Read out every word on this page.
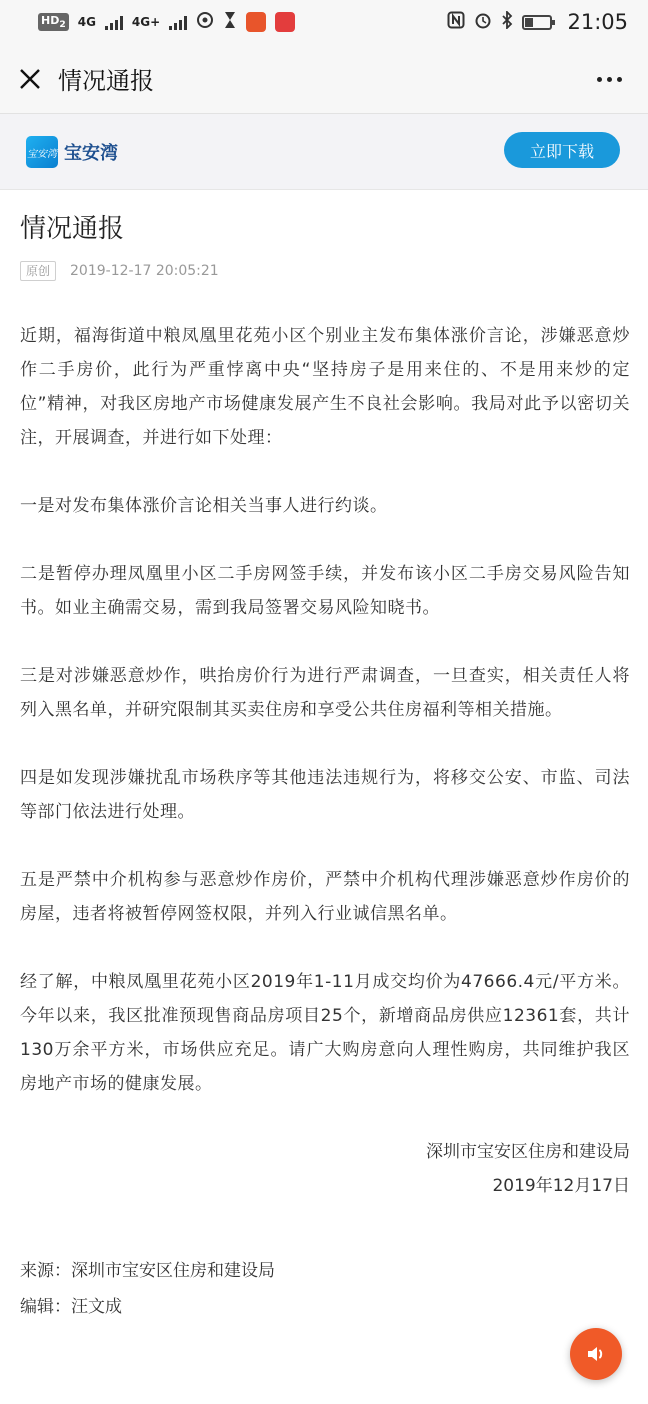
$HD_2$ 4G	4G+	21:05
情况通报
宝安湾 宝安湾	立即下载
情况通报
原创	2019-12-17 20:05:21

近期，福海街道中粮凤凰里花苑小区个别业主发布集体涨价言论，涉嫌恶意炒作二手房价，此行为严重悖离中央“坚持房子是用来住的、不是用来炒的定位”精神，对我区房地产市场健康发展产生不良社会影响。我局对此予以密切关注，开展调查，并进行如下处理：

一是对发布集体涨价言论相关当事人进行约谈。

二是暂停办理凤凰里小区二手房网签手续，并发布该小区二手房交易风险告知书。如业主确需交易，需到我局签署交易风险知晓书。

三是对涉嫌恶意炒作，哄抬房价行为进行严肃调查，一旦查实，相关责任人将列入黑名单，并研究限制其买卖住房和享受公共住房福利等相关措施。

四是如发现涉嫌扰乱市场秩序等其他违法违规行为，将移交公安、市监、司法等部门依法进行处理。

五是严禁中介机构参与恶意炒作房价，严禁中介机构代理涉嫌恶意炒作房价的房屋，违者将被暂停网签权限，并列入行业诚信黑名单。

经了解，中粮凤凰里花苑小区2019年1-11月成交均价为47666.4元/平方米。今年以来，我区批准预现售商品房项目25个，新增商品房供应12361套，共计130万余平方米，市场供应充足。请广大购房意向人理性购房，共同维护我区房地产市场的健康发展。

深圳市宝安区住房和建设局
2019年12月17日
来源：深圳市宝安区住房和建设局
编辑：汪文成
